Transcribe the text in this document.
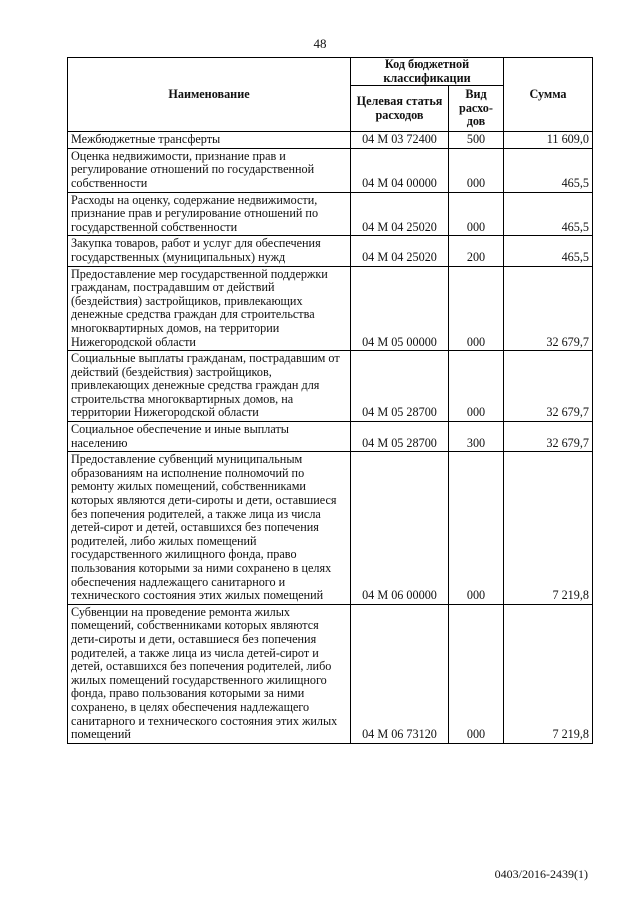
48
Наименование	Код бюджетной классификации		Сумма
	Целевая статья расходов	Вид расхо-дов	
Межбюджетные трансферты	04 М 03 72400	500	11 609,0
Оценка недвижимости, признание прав и регулирование отношений по государственной собственности	04 М 04 00000	000	465,5
Расходы на оценку, содержание недвижимости, признание прав и регулирование отношений по государственной собственности	04 М 04 25020	000	465,5
Закупка товаров, работ и услуг для обеспечения государственных (муниципальных) нужд	04 М 04 25020	200	465,5
Предоставление мер государственной поддержки гражданам, пострадавшим от действий (бездействия) застройщиков, привлекающих денежные средства граждан для строительства многоквартирных домов, на территории Нижегородской области	04 М 05 00000	000	32 679,7
Социальные выплаты гражданам, пострадавшим от действий (бездействия) застройщиков, привлекающих денежные средства граждан для строительства многоквартирных домов, на территории Нижегородской области	04 М 05 28700	000	32 679,7
Социальное обеспечение и иные выплаты населению	04 М 05 28700	300	32 679,7
Предоставление субвенций муниципальным образованиям на исполнение полномочий по ремонту жилых помещений, собственниками которых являются дети-сироты и дети, оставшиеся без попечения родителей, а также лица из числа детей-сирот и детей, оставшихся без попечения родителей, либо жилых помещений государственного жилищного фонда, право пользования которыми за ними сохранено в целях обеспечения надлежащего санитарного и технического состояния этих жилых помещений	04 М 06 00000	000	7 219,8
Субвенции на проведение ремонта жилых помещений, собственниками которых являются дети-сироты и дети, оставшиеся без попечения родителей, а также лица из числа детей-сирот и детей, оставшихся без попечения родителей, либо жилых помещений государственного жилищного фонда, право пользования которыми за ними сохранено, в целях обеспечения надлежащего санитарного и технического состояния этих жилых помещений	04 М 06 73120	000	7 219,8
0403/2016-2439(1)
